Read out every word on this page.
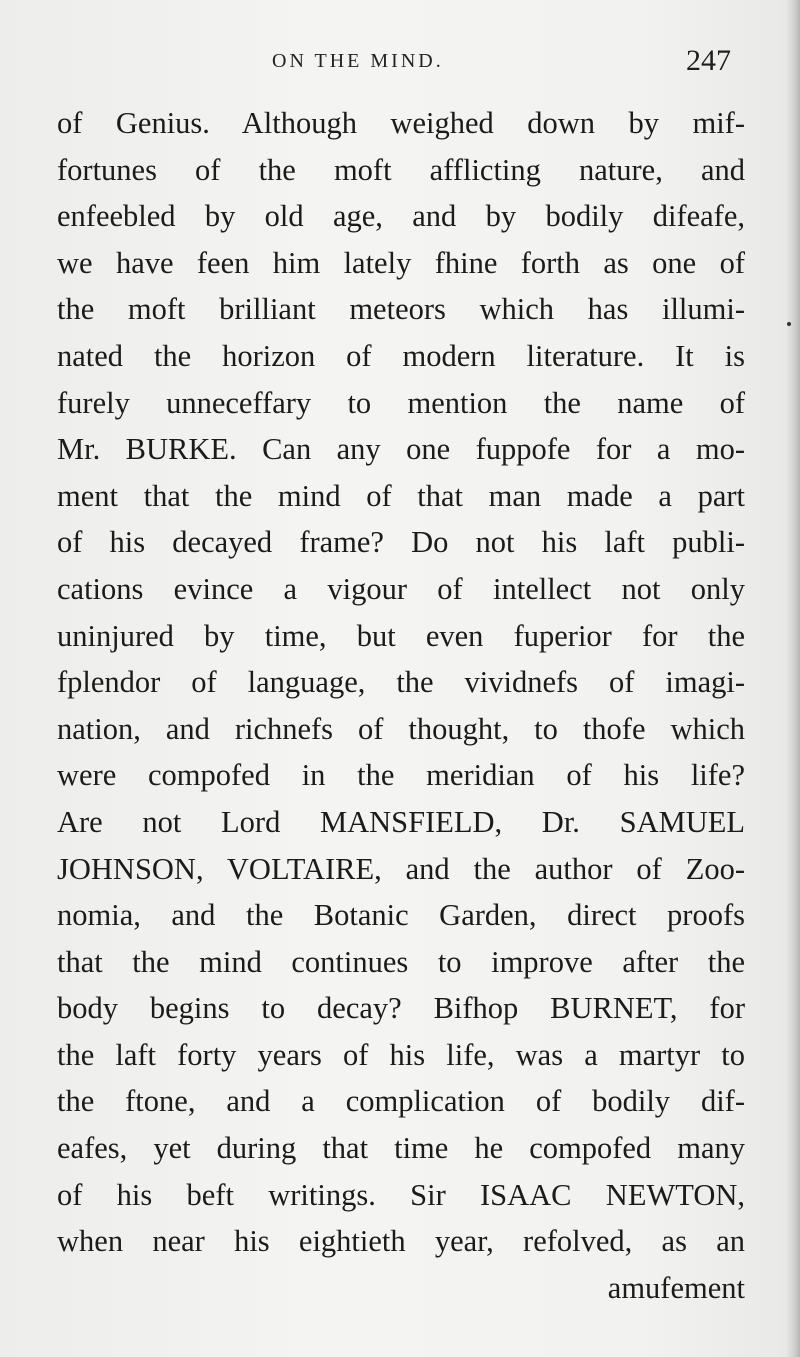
ON THE MIND.	247
of Genius. Although weighed down by mif-
fortunes of the moft afflicting nature, and
enfeebled by old age, and by bodily difeafe,
we have feen him lately fhine forth as one of
the moft brilliant meteors which has illumi-
nated the horizon of modern literature. It is
furely unneceffary to mention the name of
Mr. BURKE. Can any one fuppofe for a mo-
ment that the mind of that man made a part
of his decayed frame? Do not his laft publi-
cations evince a vigour of intellect not only
uninjured by time, but even fuperior for the
fplendor of language, the vividnefs of imagi-
nation, and richnefs of thought, to thofe which
were compofed in the meridian of his life?
Are not Lord MANSFIELD, Dr. SAMUEL
JOHNSON, VOLTAIRE, and the author of Zoo-
nomia, and the Botanic Garden, direct proofs
that the mind continues to improve after the
body begins to decay? Bifhop BURNET, for
the laft forty years of his life, was a martyr to
the ftone, and a complication of bodily dif-
eafes, yet during that time he compofed many
of his beft writings. Sir ISAAC NEWTON,
when near his eightieth year, refolved, as an
amufement
